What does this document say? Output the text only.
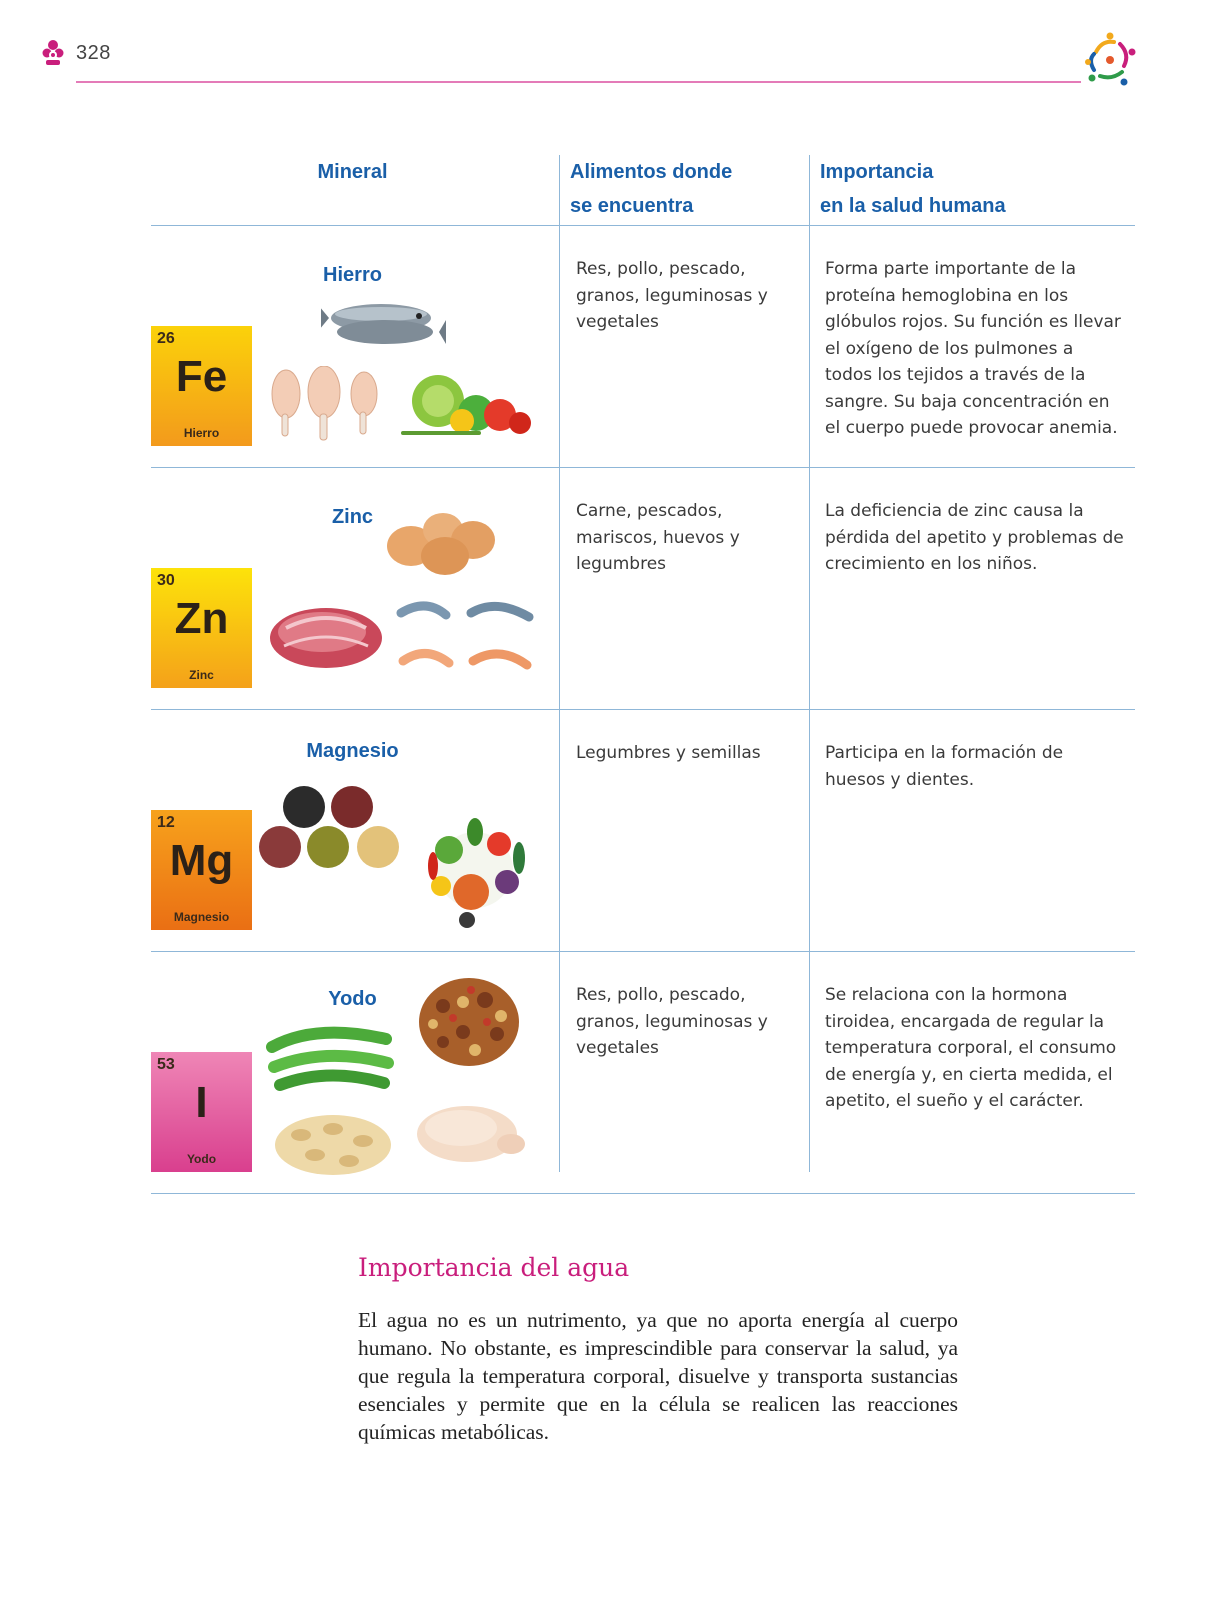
328
Mineral	Alimentos donde
se encuentra
Importancia
en la salud humana
Hierro
26
Fe
Hierro
Res, pollo, pescado, granos, leguminosas y vegetales
Forma parte importante de la proteína hemoglobina en los glóbulos rojos. Su función es llevar el oxígeno de los pulmones a todos los tejidos a través de la sangre. Su baja concentración en el cuerpo puede provocar anemia.
Zinc
30
Zn
Zinc
Carne, pescados, mariscos, huevos y legumbres
La deficiencia de zinc causa la pérdida del apetito y problemas de crecimiento en los niños.
Magnesio
12
Mg
Magnesio
Legumbres y semillas	Participa en la formación de huesos y dientes.
Yodo
53
I
Yodo
Res, pollo, pescado, granos, leguminosas y vegetales
Se relaciona con la hormona tiroidea, encargada de regular la temperatura corporal, el consumo de energía y, en cierta medida, el apetito, el sueño y el carácter.
Importancia del agua
El agua no es un nutrimento, ya que no aporta energía al cuerpo humano. No obstante, es imprescindible para conservar la salud, ya que regula la temperatura corporal, disuelve y transporta sustancias esenciales y permite que en la célula se realicen las reacciones químicas metabólicas.
